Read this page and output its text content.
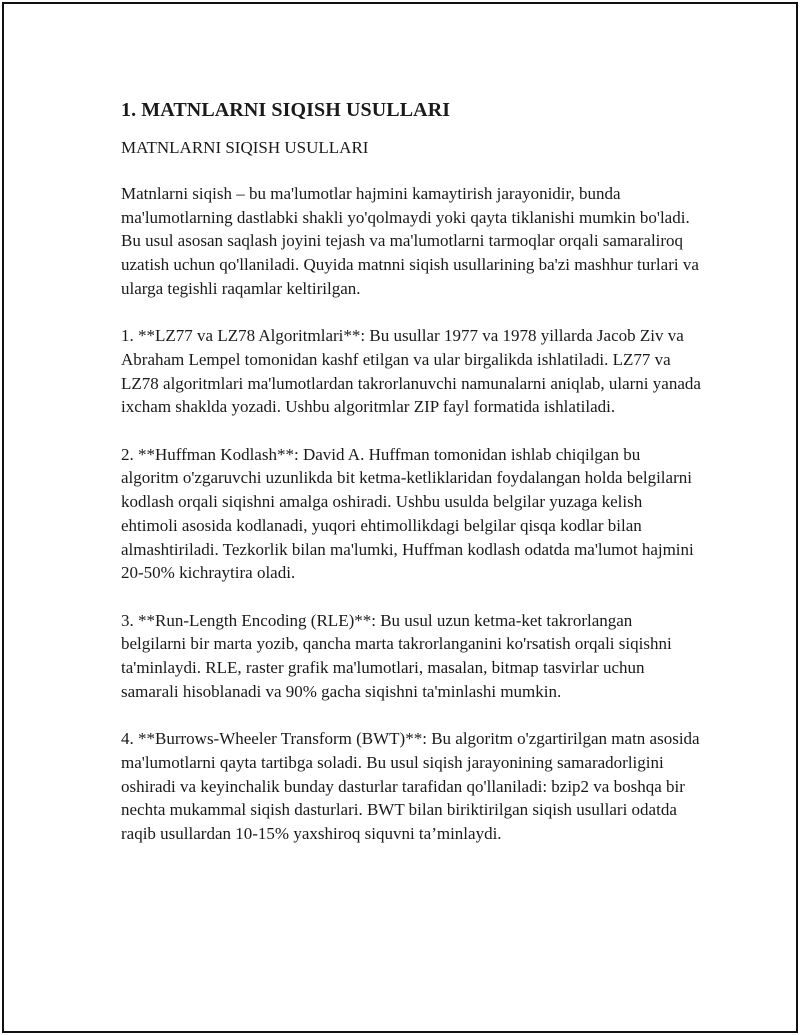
1. MATNLARNI SIQISH USULLARI
MATNLARNI SIQISH USULLARI

Matnlarni siqish – bu ma'lumotlar hajmini kamaytirish jarayonidir, bunda ma'lumotlarning dastlabki shakli yo'qolmaydi yoki qayta tiklanishi mumkin bo'ladi. Bu usul asosan saqlash joyini tejash va ma'lumotlarni tarmoqlar orqali samaraliroq uzatish uchun qo'llaniladi. Quyida matnni siqish usullarining ba'zi mashhur turlari va ularga tegishli raqamlar keltirilgan.

1. **LZ77 va LZ78 Algoritmlari**: Bu usullar 1977 va 1978 yillarda Jacob Ziv va Abraham Lempel tomonidan kashf etilgan va ular birgalikda ishlatiladi. LZ77 va LZ78 algoritmlari ma'lumotlardan takrorlanuvchi namunalarni aniqlab, ularni yanada ixcham shaklda yozadi. Ushbu algoritmlar ZIP fayl formatida ishlatiladi.

2. **Huffman Kodlash**: David A. Huffman tomonidan ishlab chiqilgan bu algoritm o'zgaruvchi uzunlikda bit ketma-ketliklaridan foydalangan holda belgilarni kodlash orqali siqishni amalga oshiradi. Ushbu usulda belgilar yuzaga kelish ehtimoli asosida kodlanadi, yuqori ehtimollikdagi belgilar qisqa kodlar bilan almashtiriladi. Tezkorlik bilan ma'lumki, Huffman kodlash odatda ma'lumot hajmini 20-50% kichraytira oladi.

3. **Run-Length Encoding (RLE)**: Bu usul uzun ketma-ket takrorlangan belgilarni bir marta yozib, qancha marta takrorlanganini ko'rsatish orqali siqishni ta'minlaydi. RLE, raster grafik ma'lumotlari, masalan, bitmap tasvirlar uchun samarali hisoblanadi va 90% gacha siqishni ta'minlashi mumkin.

4. **Burrows-Wheeler Transform (BWT)**: Bu algoritm o'zgartirilgan matn asosida ma'lumotlarni qayta tartibga soladi. Bu usul siqish jarayonining samaradorligini oshiradi va keyinchalik bunday dasturlar tarafidan qo'llaniladi: bzip2 va boshqa bir nechta mukammal siqish dasturlari. BWT bilan biriktirilgan siqish usullari odatda raqib usullardan 10-15% yaxshiroq siquvni ta’minlaydi.
